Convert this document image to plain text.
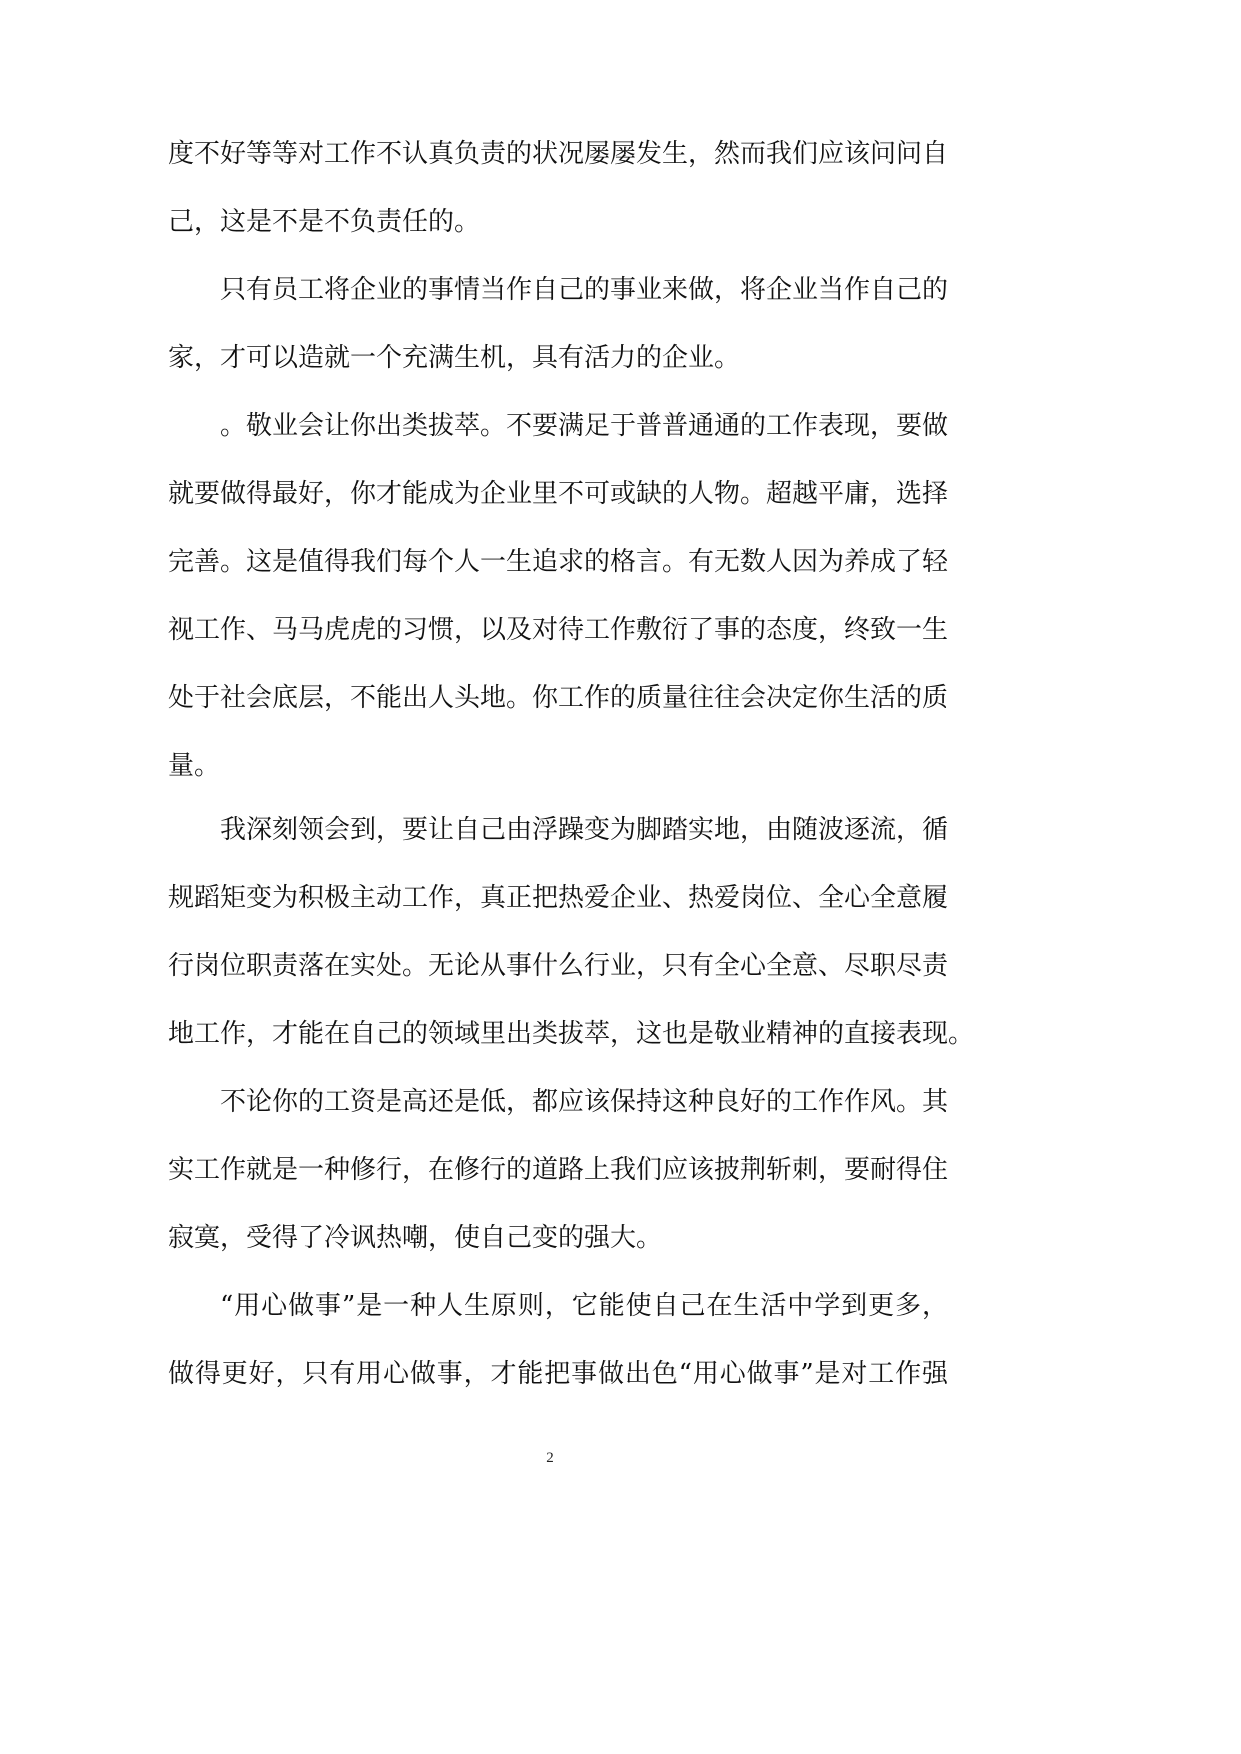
度不好等等对工作不认真负责的状况屡屡发生，然而我们应该问问自
己，这是不是不负责任的。
只有员工将企业的事情当作自己的事业来做，将企业当作自己的
家，才可以造就一个充满生机，具有活力的企业。
。敬业会让你出类拔萃。不要满足于普普通通的工作表现，要做
就要做得最好，你才能成为企业里不可或缺的人物。超越平庸，选择
完善。这是值得我们每个人一生追求的格言。有无数人因为养成了轻
视工作、马马虎虎的习惯，以及对待工作敷衍了事的态度，终致一生
处于社会底层，不能出人头地。你工作的质量往往会决定你生活的质
量。
我深刻领会到，要让自己由浮躁变为脚踏实地，由随波逐流，循
规蹈矩变为积极主动工作，真正把热爱企业、热爱岗位、全心全意履
行岗位职责落在实处。无论从事什么行业，只有全心全意、尽职尽责
地工作，才能在自己的领域里出类拔萃，这也是敬业精神的直接表现。
不论你的工资是高还是低，都应该保持这种良好的工作作风。其
实工作就是一种修行，在修行的道路上我们应该披荆斩刺，要耐得住
寂寞，受得了冷讽热嘲，使自己变的强大。
“用心做事”是一种人生原则，它能使自己在生活中学到更多，
做得更好，只有用心做事，才能把事做出色“用心做事”是对工作强
2
